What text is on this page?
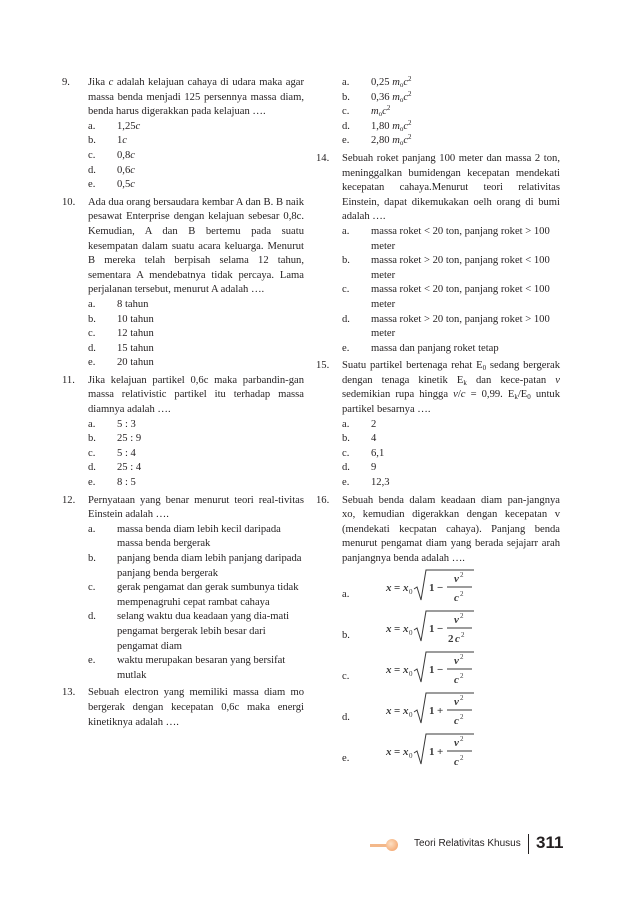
9. Jika c adalah kelajuan cahaya di udara maka agar massa benda menjadi 125 persennya massa diam, benda harus digerakkan pada kelajuan ….
a. 1,25c
b. 1c
c. 0,8c
d. 0,6c
e. 0,5c
10. Ada dua orang bersaudara kembar A dan B. B naik pesawat Enterprise dengan kelajuan sebesar 0,8c. Kemudian, A dan B bertemu pada suatu kesempatan dalam suatu acara keluarga. Menurut B mereka telah berpisah selama 12 tahun, sementara A mendebatnya tidak percaya. Lama perjalanan tersebut, menurut A adalah ….
a. 8 tahun
b. 10 tahun
c. 12 tahun
d. 15 tahun
e. 20 tahun
11. Jika kelajuan partikel 0,6c maka parbandin-gan massa relativistic partikel itu terhadap massa diamnya adalah ….
a. 5 : 3
b. 25 : 9
c. 5 : 4
d. 25 : 4
e. 8 : 5
12. Pernyataan yang benar menurut teori real-tivitas Einstein adalah ….
a. massa benda diam lebih kecil daripada massa benda bergerak
b. panjang benda diam lebih panjang daripada panjang benda bergerak
c. gerak pengamat dan gerak sumbunya tidak mempenagruhi cepat rambat cahaya
d. selang waktu dua keadaan yang dia-mati pengamat bergerak lebih besar dari pengamat diam
e. waktu merupakan besaran yang bersifat mutlak
13. Sebuah electron yang memiliki massa diam mo bergerak dengan kecepatan 0,6c maka energi kinetiknya adalah ….
a. 0,25 $m_oc^2$
b. 0,36 $m_oc^2$
c. $m_oc^2$
d. 1,80 $m_oc^2$
e. 2,80 $m_oc^2$
14. Sebuah roket panjang 100 meter dan massa 2 ton, meninggalkan bumidengan kecepatan mendekati kecepatan cahaya.Menurut teori relativitas Einstein, dapat dikemukakan oelh orang di bumi adalah ….
a. massa roket < 20 ton, panjang roket > 100 meter
b. massa roket > 20 ton, panjang roket < 100 meter
c. massa roket < 20 ton, panjang roket < 100 meter
d. massa roket > 20 ton, panjang roket > 100 meter
e. massa dan panjang roket tetap
15. Suatu partikel bertenaga rehat $E_0$ sedang bergerak dengan tenaga kinetik $E_k$ dan kece-patan v sedemikian rupa hingga v/c = 0,99. $E_k/E_0$ untuk partikel besarnya ….
a. 2
b. 4
c. 6,1
d. 9
e. 12,3
16. Sebuah benda dalam keadaan diam pan-jangnya xo, kemudian digerakkan dengan kecepatan v (mendekati kecpatan cahaya). Panjang benda menurut pengamat diam yang berada sejajarr arah panjangnya benda adalah ….
a.
x = x 0 1 −
v 2
c 2
b.
x = x 0 1 −
v 2
2 c 2
c.
x = x 0 1 −
v 2
c 2
d.
x = x 0 1 +
v 2
c 2
e.
x = x 0 1 +
v 2
c 2
Teori Relativitas Khusus 311
